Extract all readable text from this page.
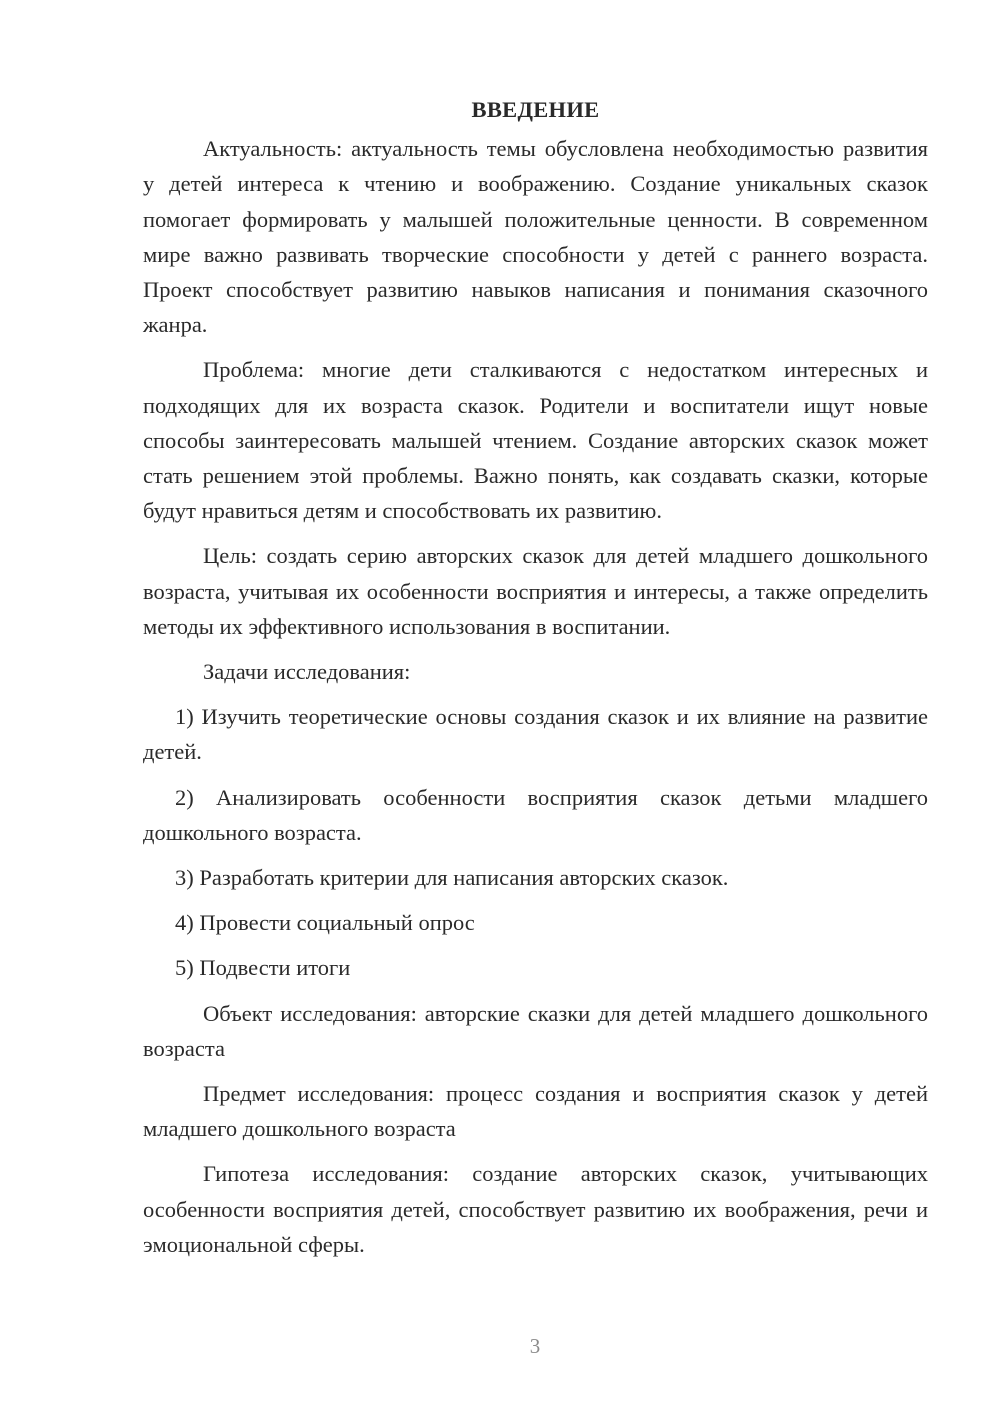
ВВЕДЕНИЕ

Актуальность: актуальность темы обусловлена необходимостью развития у детей интереса к чтению и воображению. Создание уникальных сказок помогает формировать у малышей положительные ценности. В современном мире важно развивать творческие способности у детей с раннего возраста. Проект способствует развитию навыков написания и понимания сказочного жанра.

Проблема: многие дети сталкиваются с недостатком интересных и подходящих для их возраста сказок. Родители и воспитатели ищут новые способы заинтересовать малышей чтением. Создание авторских сказок может стать решением этой проблемы. Важно понять, как создавать сказки, которые будут нравиться детям и способствовать их развитию.

Цель: создать серию авторских сказок для детей младшего дошкольного возраста, учитывая их особенности восприятия и интересы, а также определить методы их эффективного использования в воспитании.

Задачи исследования:

1) Изучить теоретические основы создания сказок и их влияние на развитие детей.

2) Анализировать особенности восприятия сказок детьми младшего дошкольного возраста.

3) Разработать критерии для написания авторских сказок.

4) Провести социальный опрос

5) Подвести итоги

Объект исследования: авторские сказки для детей младшего дошкольного возраста

Предмет исследования: процесс создания и восприятия сказок у детей младшего дошкольного возраста

Гипотеза исследования: создание авторских сказок, учитывающих особенности восприятия детей, способствует развитию их воображения, речи и эмоциональной сферы.

3
